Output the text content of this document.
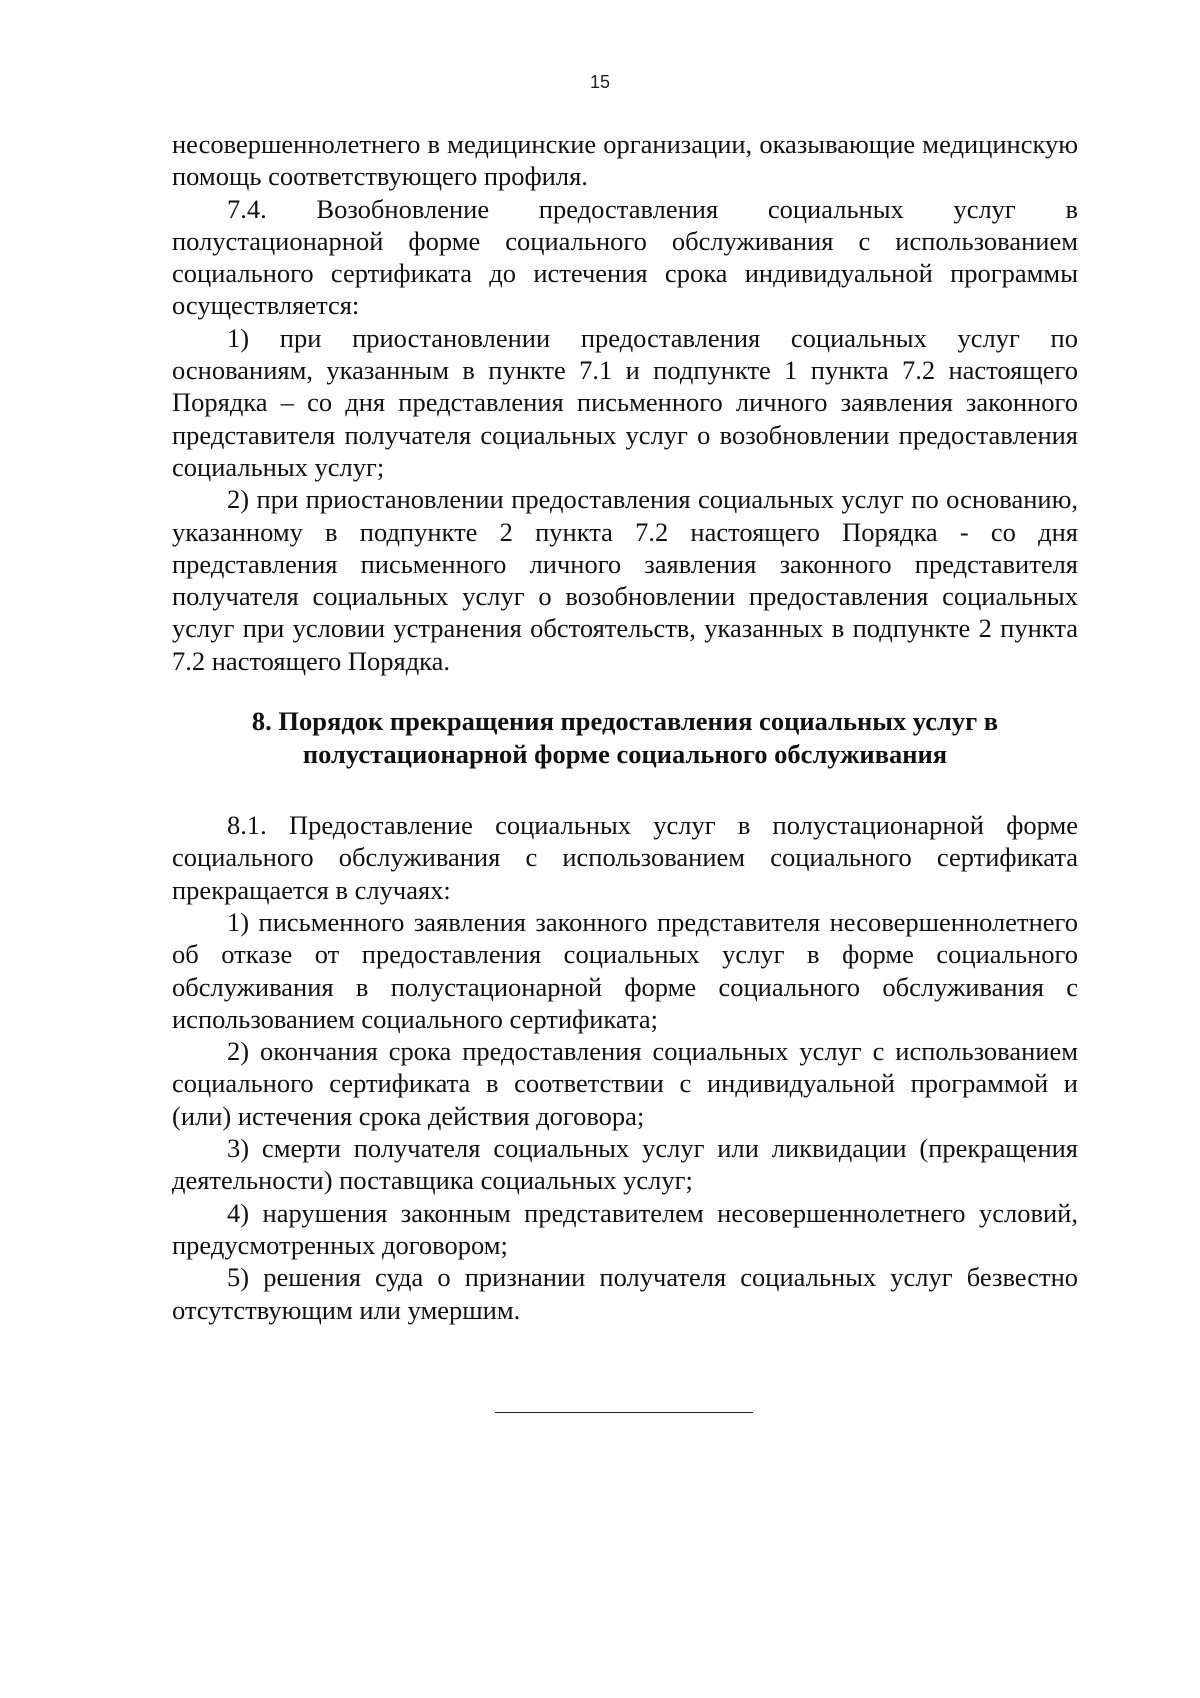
15

несовершеннолетнего в медицинские организации, оказывающие медицинскую помощь соответствующего профиля.

7.4. Возобновление предоставления социальных услуг в полустационарной форме социального обслуживания с использованием социального сертификата до истечения срока индивидуальной программы осуществляется:

1) при приостановлении предоставления социальных услуг по основаниям, указанным в пункте 7.1 и подпункте 1 пункта 7.2 настоящего Порядка – со дня представления письменного личного заявления законного представителя получателя социальных услуг о возобновлении предоставления социальных услуг;

2) при приостановлении предоставления социальных услуг по основанию, указанному в подпункте 2 пункта 7.2 настоящего Порядка - со дня представления письменного личного заявления законного представителя получателя социальных услуг о возобновлении предоставления социальных услуг при условии устранения обстоятельств, указанных в подпункте 2 пункта 7.2 настоящего Порядка.

8. Порядок прекращения предоставления социальных услуг в
полустационарной форме социального обслуживания

8.1. Предоставление социальных услуг в полустационарной форме социального обслуживания с использованием социального сертификата прекращается в случаях:

1) письменного заявления законного представителя несовершеннолетнего об отказе от предоставления социальных услуг в форме социального обслуживания в полустационарной форме социального обслуживания с использованием социального сертификата;

2) окончания срока предоставления социальных услуг с использованием социального сертификата в соответствии с индивидуальной программой и (или) истечения срока действия договора;

3) смерти получателя социальных услуг или ликвидации (прекращения деятельности) поставщика социальных услуг;

4) нарушения законным представителем несовершеннолетнего условий, предусмотренных договором;

5) решения суда о признании получателя социальных услуг безвестно отсутствующим или умершим.
